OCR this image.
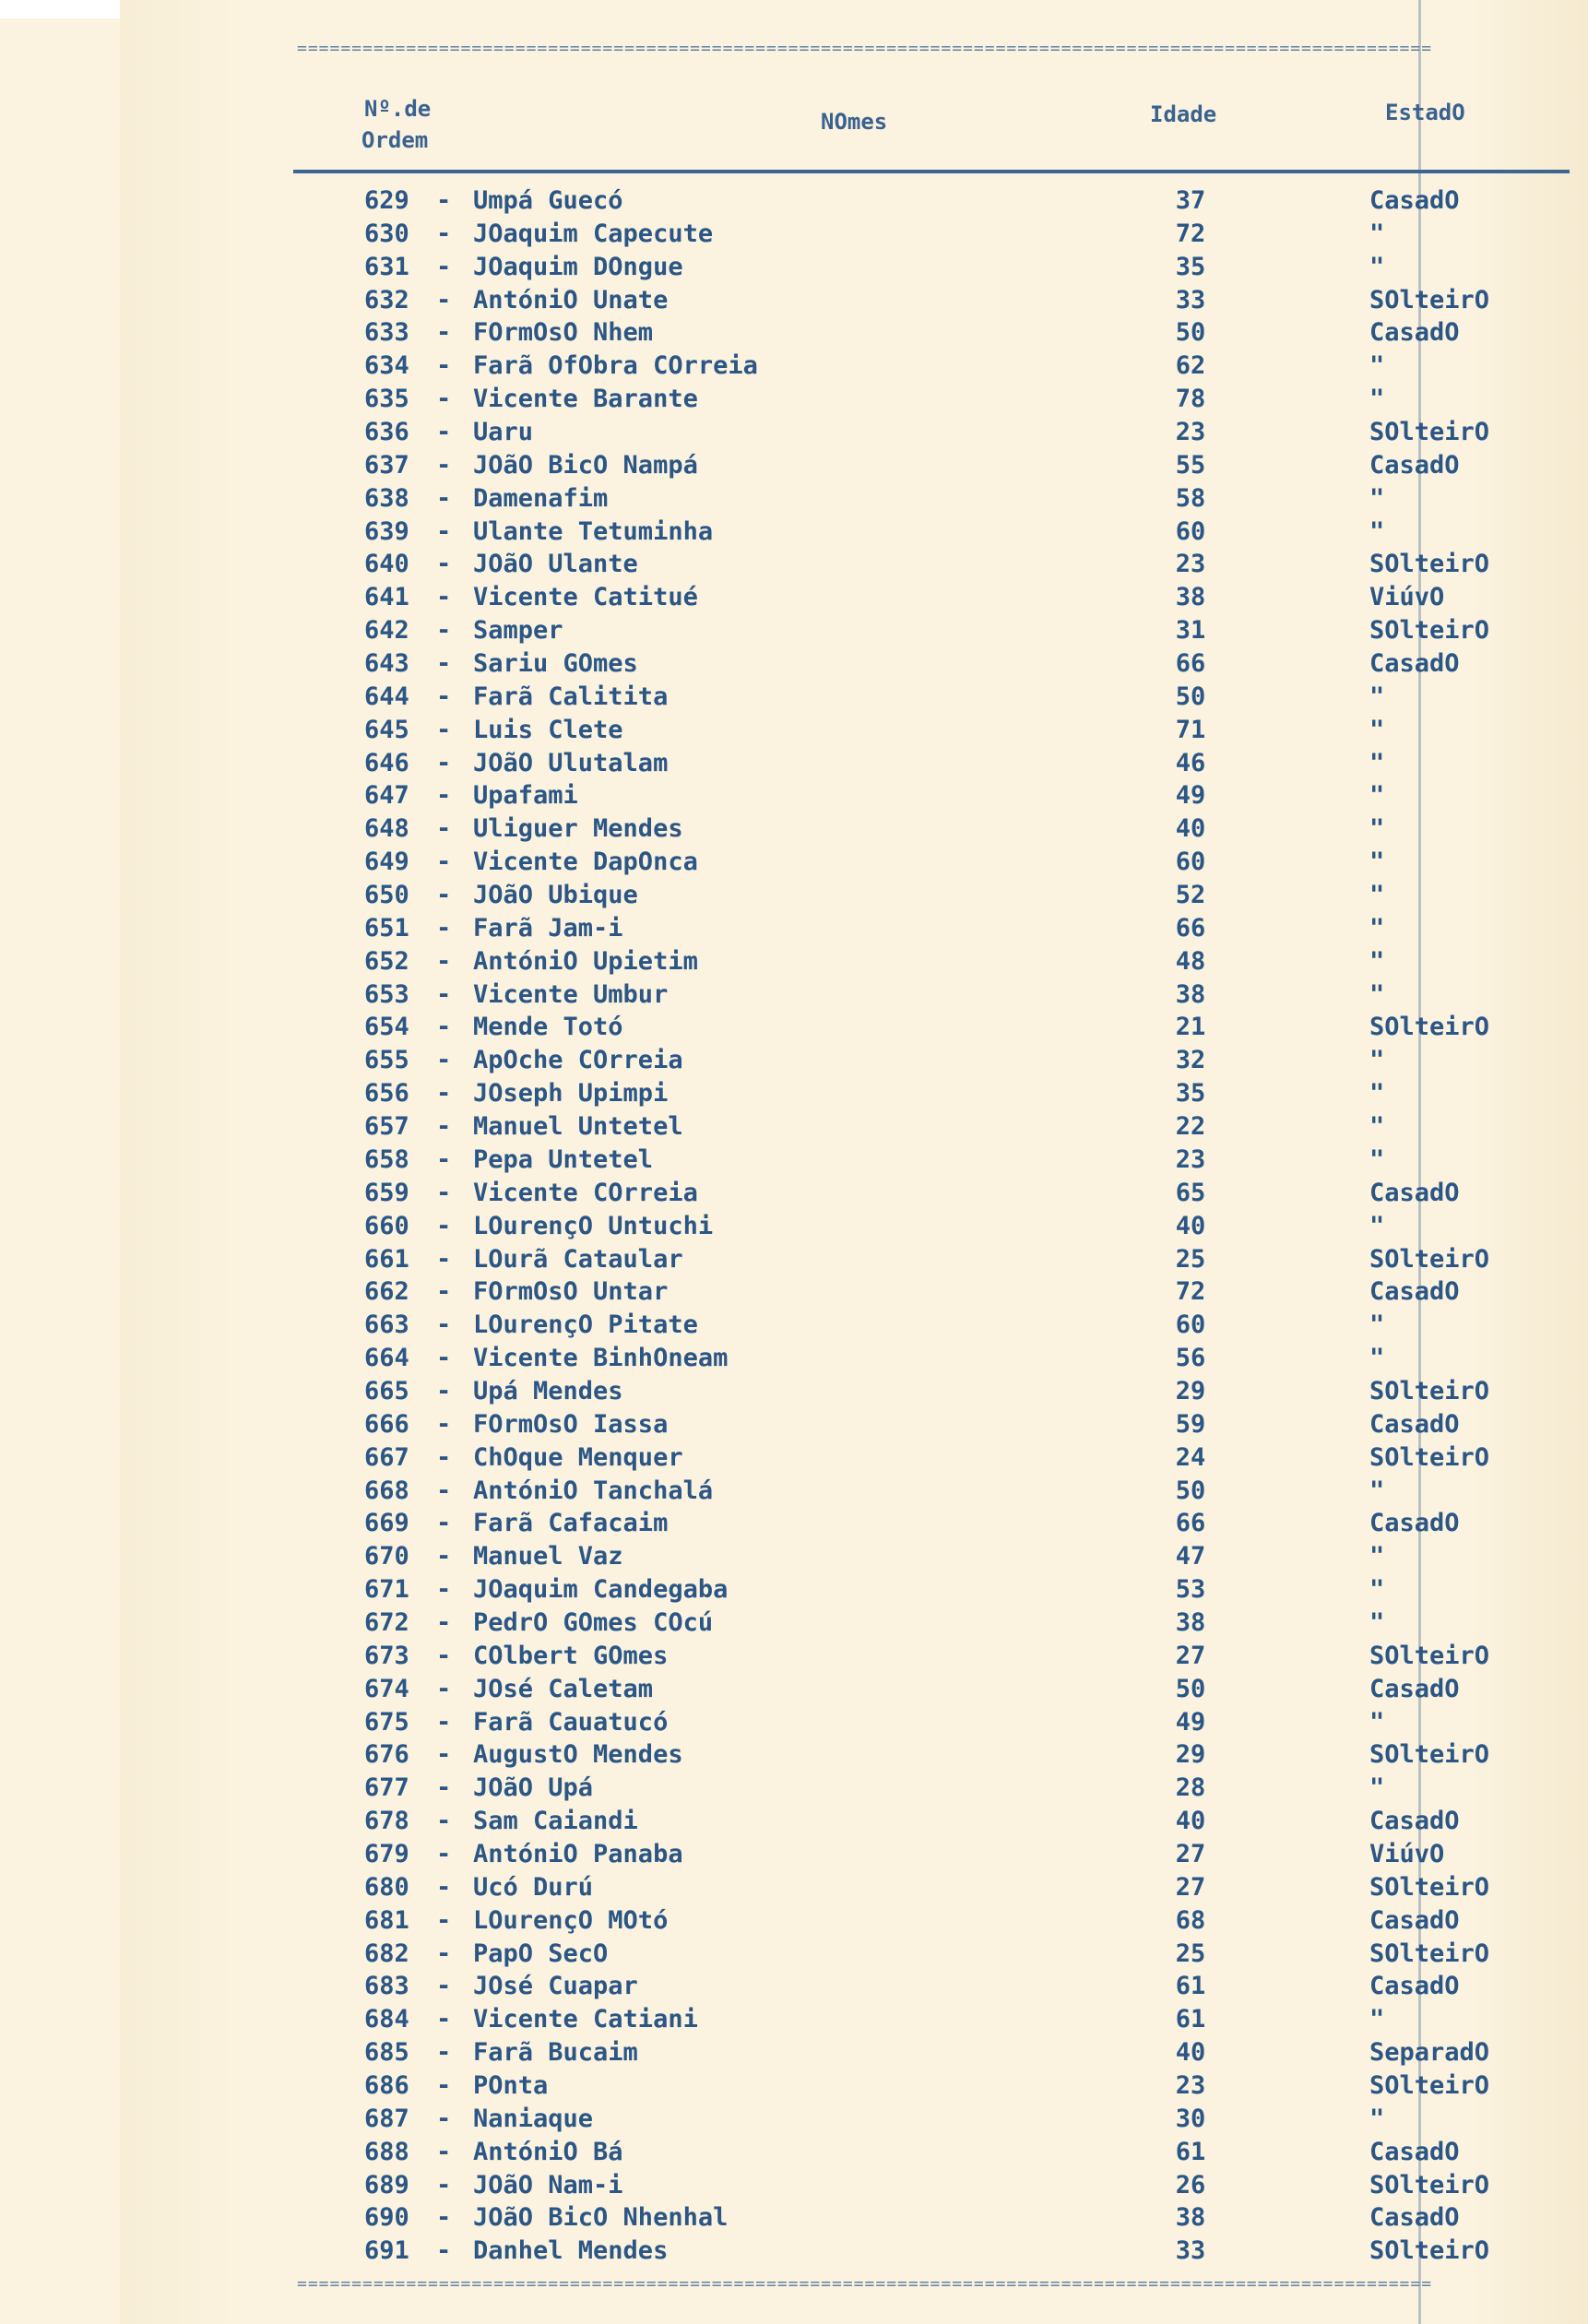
========================================================================================================
Nº.de
Ordem
NOmes	Idade	EstadO
629	- Umpá Guecó	37	CasadO
630	- JOaquim Capecute	72	"
631	- JOaquim DOngue	35	"
632	- AntóniO Unate	33	SOlteirO
633	- FOrmOsO Nhem	50	CasadO
634	- Farã OfObra COrreia	62	"
635	- Vicente Barante	78	"
636	- Uaru	23	SOlteirO
637	- JOãO BicO Nampá	55	CasadO
638	- Damenafim	58	"
639	- Ulante Tetuminha	60	"
640	- JOãO Ulante	23	SOlteirO
641	- Vicente Catitué	38	ViúvO
642	- Samper	31	SOlteirO
643	- Sariu GOmes	66	CasadO
644	- Farã Calitita	50	"
645	- Luis Clete	71	"
646	- JOãO Ulutalam	46	"
647	- Upafami	49	"
648	- Uliguer Mendes	40	"
649	- Vicente DapOnca	60	"
650	- JOãO Ubique	52	"
651	- Farã Jam-i	66	"
652	- AntóniO Upietim	48	"
653	- Vicente Umbur	38	"
654	- Mende Totó	21	SOlteirO
655	- ApOche COrreia	32	"
656	- JOseph Upimpi	35	"
657	- Manuel Untetel	22	"
658	- Pepa Untetel	23	"
659	- Vicente COrreia	65	CasadO
660	- LOurençO Untuchi	40	"
661	- LOurã Cataular	25	SOlteirO
662	- FOrmOsO Untar	72	CasadO
663	- LOurençO Pitate	60	"
664	- Vicente BinhOneam	56	"
665	- Upá Mendes	29	SOlteirO
666	- FOrmOsO Iassa	59	CasadO
667	- ChOque Menquer	24	SOlteirO
668	- AntóniO Tanchalá	50	"
669	- Farã Cafacaim	66	CasadO
670	- Manuel Vaz	47	"
671	- JOaquim Candegaba	53	"
672	- PedrO GOmes COcú	38	"
673	- COlbert GOmes	27	SOlteirO
674	- JOsé Caletam	50	CasadO
675	- Farã Cauatucó	49	"
676	- AugustO Mendes	29	SOlteirO
677	- JOãO Upá	28	"
678	- Sam Caiandi	40	CasadO
679	- AntóniO Panaba	27	ViúvO
680	- Ucó Durú	27	SOlteirO
681	- LOurençO MOtó	68	CasadO
682	- PapO SecO	25	SOlteirO
683	- JOsé Cuapar	61	CasadO
684	- Vicente Catiani	61	"
685	- Farã Bucaim	40	SeparadO
686	- POnta	23	SOlteirO
687	- Naniaque	30	"
688	- AntóniO Bá	61	CasadO
689	- JOãO Nam-i	26	SOlteirO
690	- JOãO BicO Nhenhal	38	CasadO
691	- Danhel Mendes	33	SOlteirO
========================================================================================================
